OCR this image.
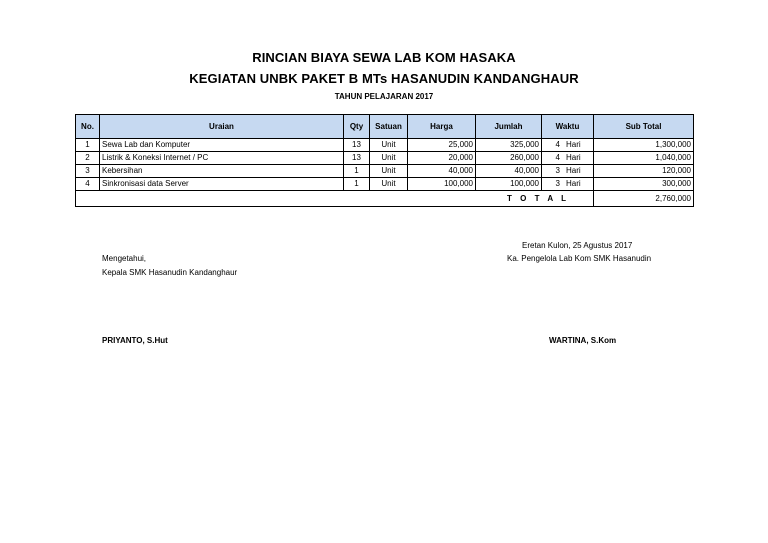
RINCIAN BIAYA SEWA LAB KOM HASAKA
KEGIATAN UNBK PAKET B MTs HASANUDIN KANDANGHAUR
TAHUN PELAJARAN 2017
No.	Uraian	Qty	Satuan	Harga	Jumlah	Waktu	Sub Total
1	Sewa Lab dan Komputer	13	Unit	25,000	325,000	4 Hari	1,300,000
2	Listrik & Koneksi Internet / PC	13	Unit	20,000	260,000	4 Hari	1,040,000
3	Kebersihan	1	Unit	40,000	40,000	3 Hari	120,000
4	Sinkronisasi data Server	1	Unit	100,000	100,000	3 Hari	300,000
T O T A L							2,760,000
Eretan Kulon, 25 Agustus 2017
Mengetahui,	Ka. Pengelola Lab Kom SMK Hasanudin
Kepala SMK Hasanudin Kandanghaur
PRIYANTO, S.Hut	WARTINA, S.Kom
